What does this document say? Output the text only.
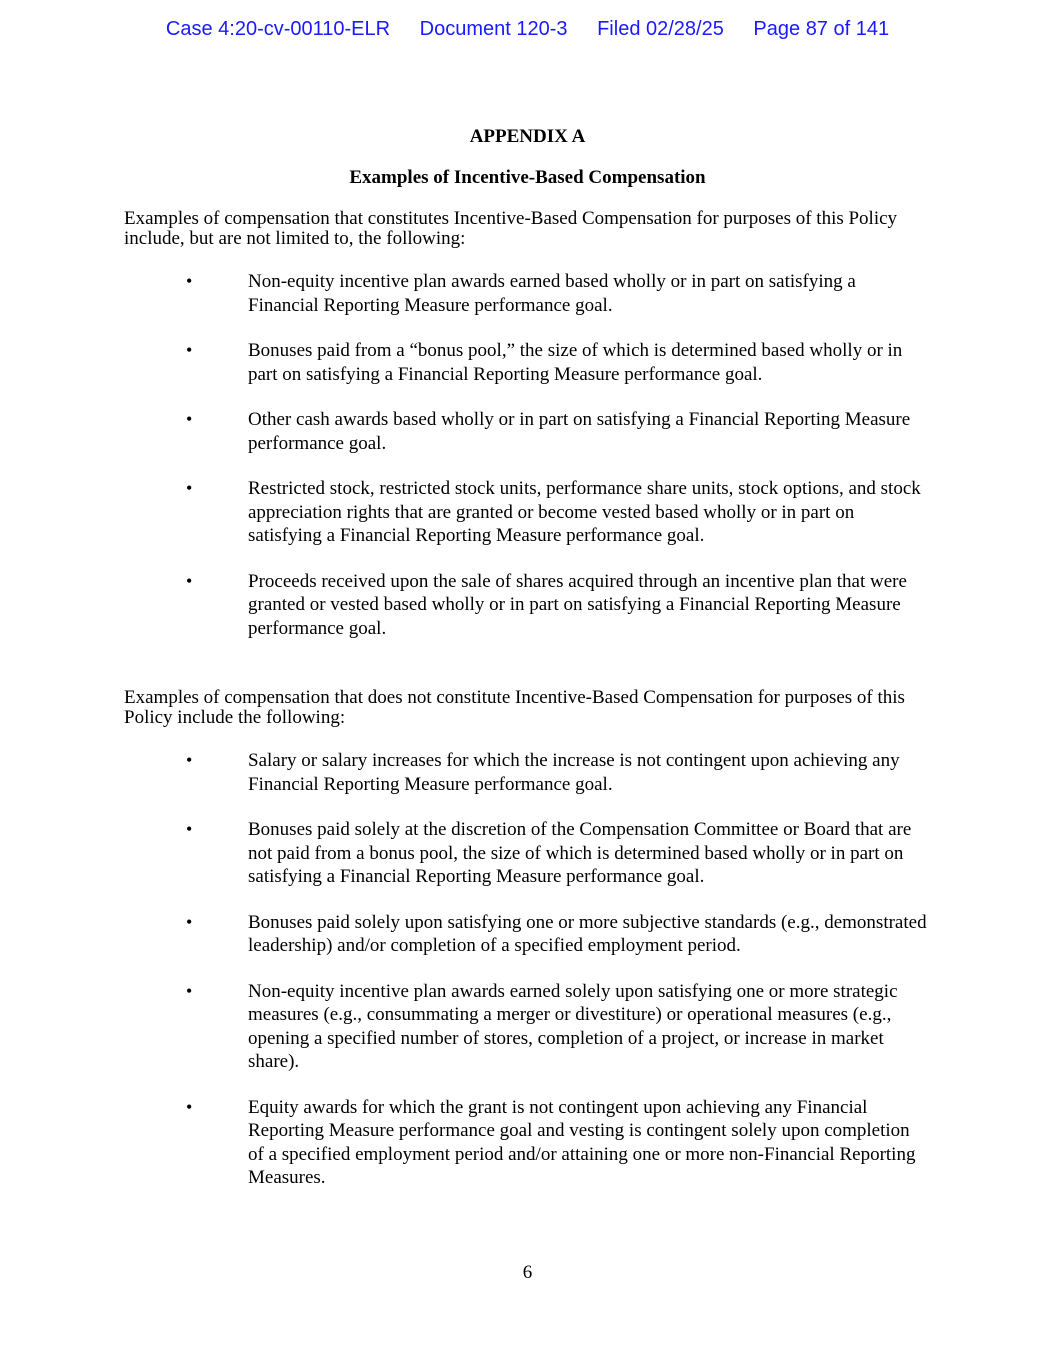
Case 4:20-cv-00110-ELR Document 120-3 Filed 02/28/25 Page 87 of 141
APPENDIX A
Examples of Incentive-Based Compensation
Examples of compensation that constitutes Incentive-Based Compensation for purposes of this Policy include, but are not limited to, the following:
•	Non-equity incentive plan awards earned based wholly or in part on satisfying a Financial Reporting Measure performance goal.
•	Bonuses paid from a “bonus pool,” the size of which is determined based wholly or in part on satisfying a Financial Reporting Measure performance goal.
•	Other cash awards based wholly or in part on satisfying a Financial Reporting Measure performance goal.
•	Restricted stock, restricted stock units, performance share units, stock options, and stock appreciation rights that are granted or become vested based wholly or in part on satisfying a Financial Reporting Measure performance goal.
•	Proceeds received upon the sale of shares acquired through an incentive plan that were granted or vested based wholly or in part on satisfying a Financial Reporting Measure performance goal.
Examples of compensation that does not constitute Incentive-Based Compensation for purposes of this Policy include the following:
•	Salary or salary increases for which the increase is not contingent upon achieving any Financial Reporting Measure performance goal.
•	Bonuses paid solely at the discretion of the Compensation Committee or Board that are not paid from a bonus pool, the size of which is determined based wholly or in part on satisfying a Financial Reporting Measure performance goal.
•	Bonuses paid solely upon satisfying one or more subjective standards (e.g., demonstrated leadership) and/or completion of a specified employment period.
•	Non-equity incentive plan awards earned solely upon satisfying one or more strategic measures (e.g., consummating a merger or divestiture) or operational measures (e.g., opening a specified number of stores, completion of a project, or increase in market share).
•	Equity awards for which the grant is not contingent upon achieving any Financial Reporting Measure performance goal and vesting is contingent solely upon completion of a specified employment period and/or attaining one or more non-Financial Reporting Measures.
6
